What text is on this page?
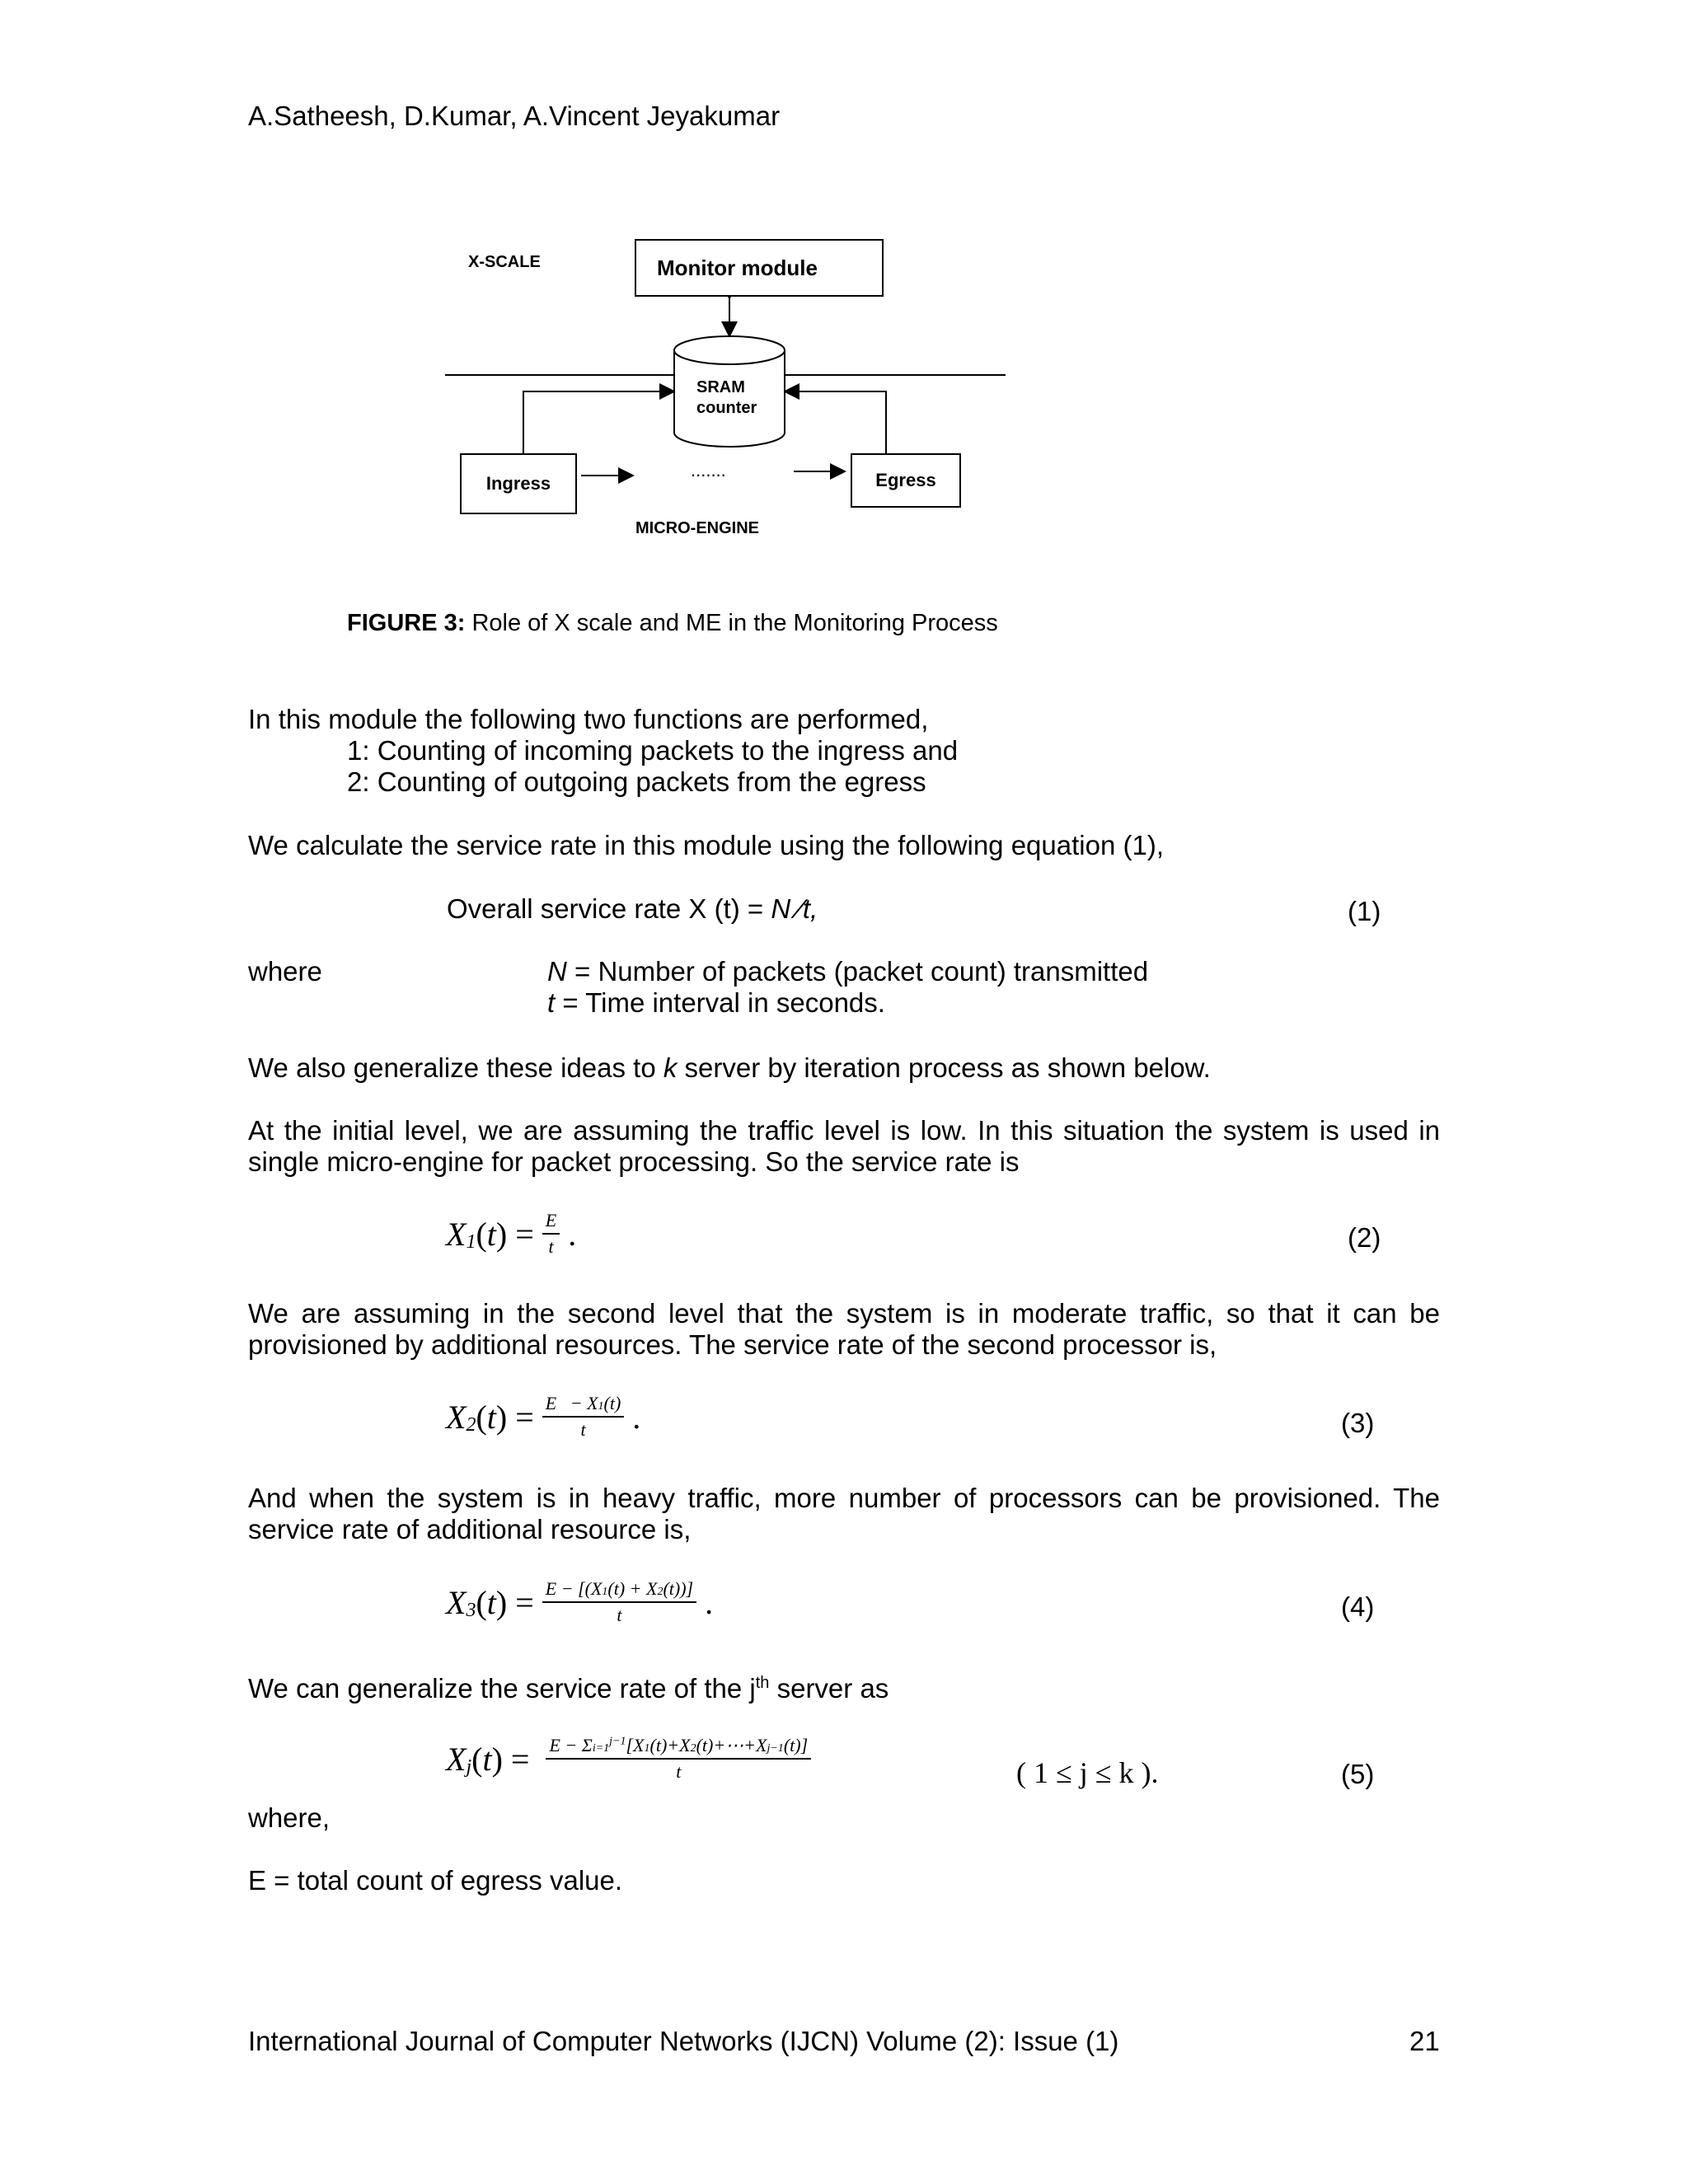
A.Satheesh, D.Kumar, A.Vincent Jeyakumar
X-SCALE	Monitor module
SRAM
counter
Ingress
.......	Egress
MICRO-ENGINE
FIGURE 3: Role of X scale and ME in the Monitoring Process
In this module the following two functions are performed,
1: Counting of incoming packets to the ingress and
2: Counting of outgoing packets from the egress
We calculate the service rate in this module using the following equation (1),
Overall service rate X (t) = N ∕t,	(1)
where	N = Number of packets (packet count) transmitted
t = Time interval in seconds.
We also generalize these ideas to k server by iteration process as shown below.
At the initial level, we are assuming the traffic level is low. In this situation the system is used in single micro-engine for packet processing. So the service rate is
X 1 ( t ) = $\frac{E}{t}$ .	(2)
We are assuming in the second level that the system is in moderate traffic, so that it can be provisioned by additional resources. The service rate of the second processor is,
X 2 ( t ) = $\frac{E - X1(t)}{t}$ .	(3)
And when the system is in heavy traffic, more number of processors can be provisioned. The service rate of additional resource is,
X 3 ( t ) = $\frac{E - [(X1(t) + X2(t))]}{t}$ .	(4)
We can generalize the service rate of the $j^{th}$ server as
X j ( t ) = $\frac{E - \Sigma i=1^{j-1}[X1(t)+X2(t)+\cdots+Xj-1(t)]}{t}$	( 1 ≤ j ≤ k ).	(5)
where,
E = total count of egress value.
International Journal of Computer Networks (IJCN) Volume (2): Issue (1)	21
